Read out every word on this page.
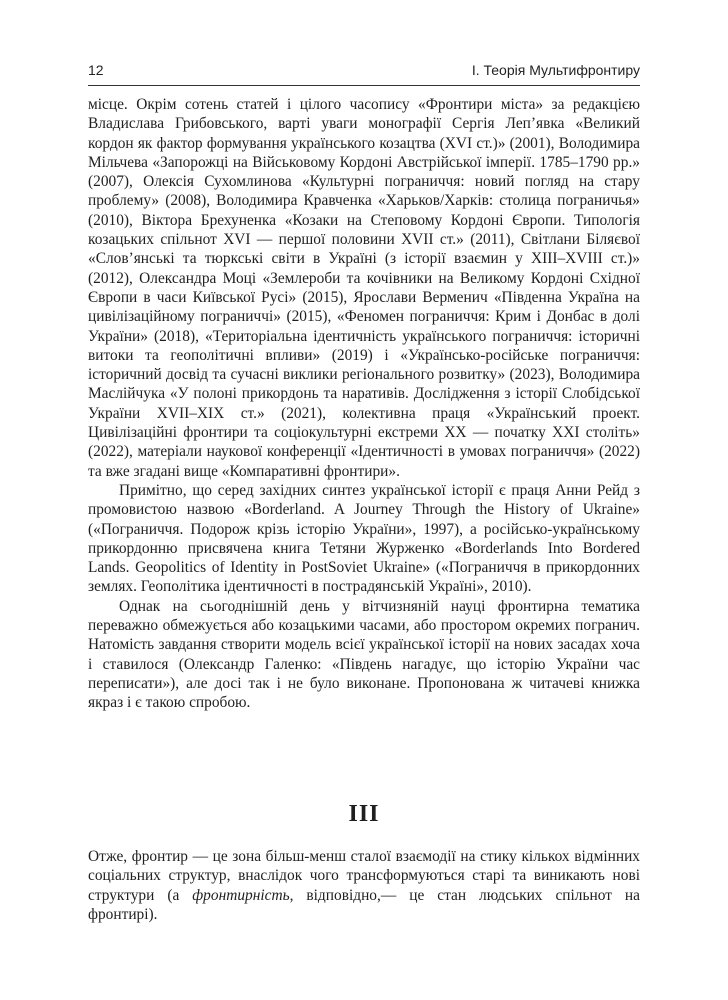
12	І. Теорія Мультифронтиру

місце. Окрім сотень статей і цілого часопису «Фронтири міста» за редакцією Владислава Грибовського, варті уваги монографії Сергія Леп’явка «Великий кордон як фактор формування українського козацтва (XVI ст.)» (2001), Володимира Мільчева «Запорожці на Військовому Кордоні Австрійської імперії. 1785–1790 рр.» (2007), Олексія Сухомлинова «Культурні пограниччя: новий погляд на стару проблему» (2008), Володимира Кравченка «Харьков/Харків: столица пограничья» (2010), Віктора Брехуненка «Козаки на Степовому Кордоні Європи. Типологія козацьких спільнот XVI — першої половини XVII ст.» (2011), Світлани Біляєвої «Слов’янські та тюркські світи в Україні (з історії взаємин у XIII–XVIII ст.)» (2012), Олександра Моці «Землероби та кочівники на Великому Кордоні Східної Європи в часи Київської Русі» (2015), Ярослави Верменич «Південна Україна на цивілізаційному пограниччі» (2015), «Феномен пограниччя: Крим і Донбас в долі України» (2018), «Територіальна ідентичність українського пограниччя: історичні витоки та геополітичні впливи» (2019) і «Українсько-російське пограниччя: історичний досвід та сучасні виклики регіонального розвитку» (2023), Володимира Маслійчука «У полоні прикордонь та наративів. Дослідження з історії Слобідської України XVII–XIX ст.» (2021), колективна праця «Український проект. Цивілізаційні фронтири та соціокультурні екстреми XX — початку XXI століть» (2022), матеріали наукової конференції «Ідентичності в умовах пограниччя» (2022) та вже згадані вище «Компаративні фронтири».

Примітно, що серед західних синтез української історії є праця Анни Рейд з промовистою назвою «Borderland. A Journey Through the History of Ukraine» («Пограниччя. Подорож крізь історію України», 1997), а російсько-українському прикордонню присвячена книга Тетяни Журженко «Borderlands Into Bordered Lands. Geopolitics of Identity in PostSoviet Ukraine» («Пограниччя в прикордонних землях. Геополітика ідентичності в пострадянській Україні», 2010).

Однак на сьогоднішній день у вітчизняній науці фронтирна тематика переважно обмежується або козацькими часами, або простором окремих погранич. Натомість завдання створити модель всієї української історії на нових засадах хоча і ставилося (Олександр Галенко: «Південь нагадує, що історію України час переписати»), але досі так і не було виконане. Пропонована ж читачеві книжка якраз і є такою спробою.

III

Отже, фронтир — це зона більш-менш сталої взаємодії на стику кількох відмінних соціальних структур, внаслідок чого трансформуються старі та виникають нові структури (а фронтирність, відповідно,— це стан людських спільнот на фронтирі).
